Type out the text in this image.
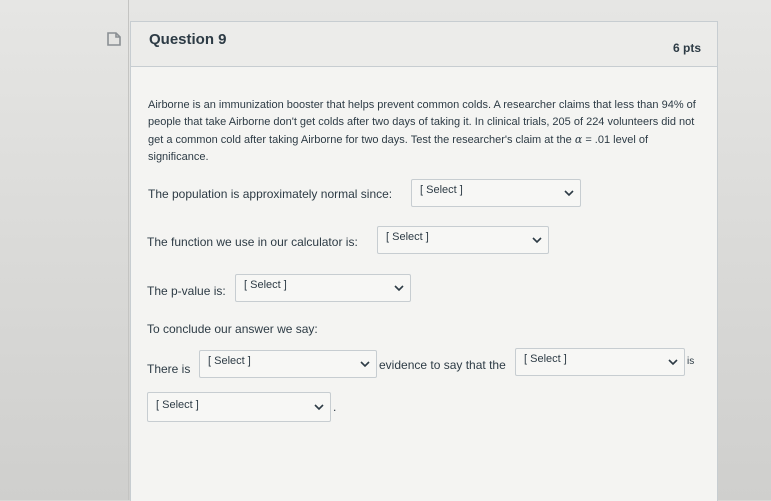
Question 9	6 pts
Airborne is an immunization booster that helps prevent common colds. A researcher claims that less than 94% of people that take Airborne don't get colds after two days of taking it. In clinical trials, 205 of 224 volunteers did not get a common cold after taking Airborne for two days. Test the researcher's claim at the α = .01 level of significance.
The population is approximately normal since:	[ Select ]
The function we use in our calculator is:	[ Select ]
The p-value is: [ Select ]
To conclude our answer we say:
There is
[ Select ]	evidence to say that the [ Select ]	is
[ Select ]	.
